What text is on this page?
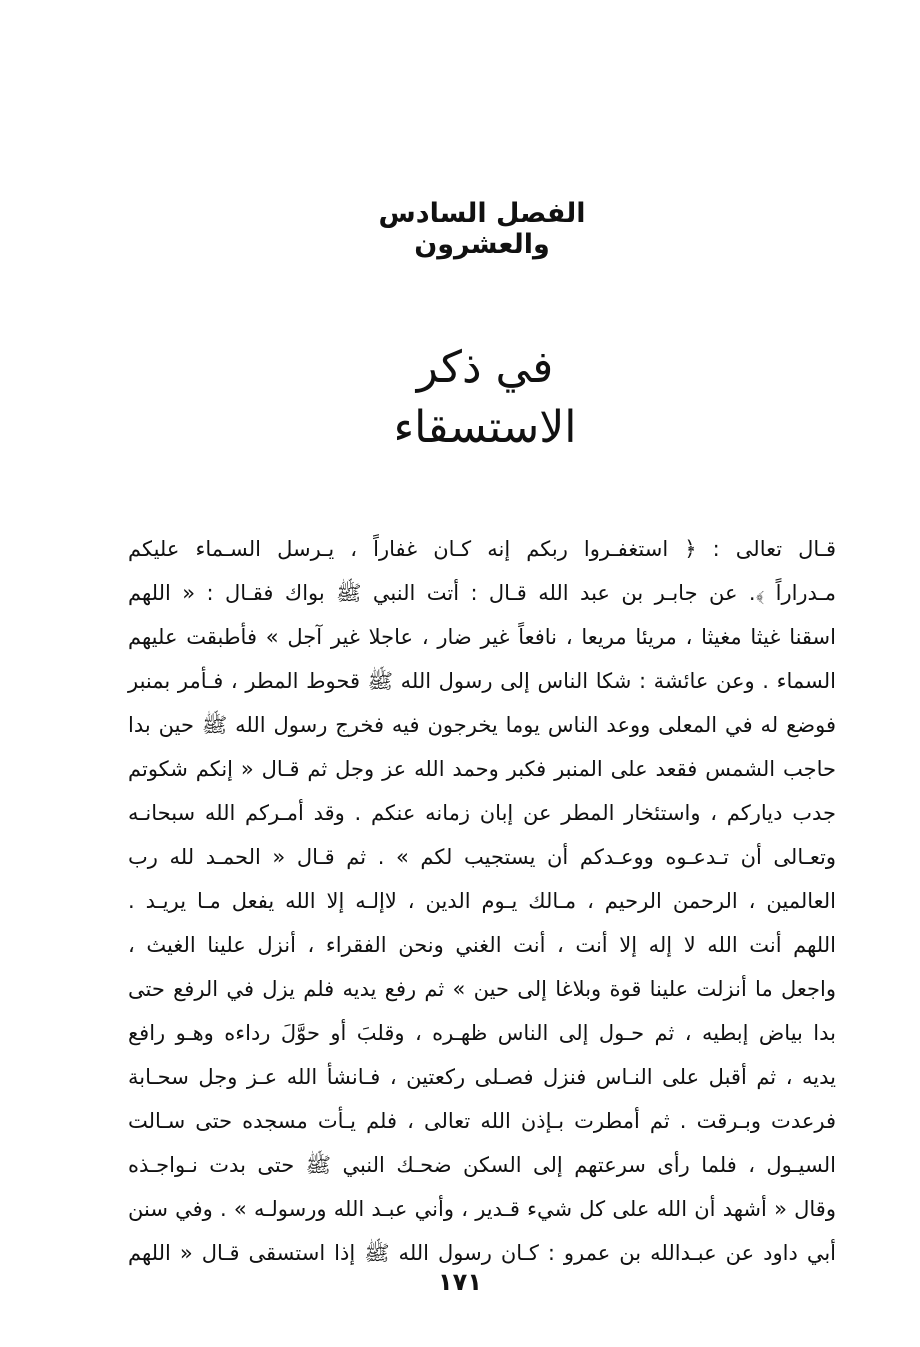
الفصل السادس والعشرون
في ذكر الاستسقاء
قـال تعالى : ﴿ استغفـروا ربكم إنه كـان غفاراً ، يـرسل السـماء عليكم
مـدراراً ﴾. عن جابـر بن عبد الله قـال : أتت النبي ﷺ بواك فقـال : « اللهم
اسقنا غيثا مغيثا ، مريئا مريعا ، نافعاً غير ضار ، عاجلا غير آجل » فأطبقت عليهم
السماء . وعن عائشة : شكا الناس إلى رسول الله ﷺ قحوط المطر ، فـأمر بمنبر
فوضع له في المعلى ووعد الناس يوما يخرجون فيه فخرج رسول الله ﷺ حين بدا
حاجب الشمس فقعد على المنبر فكبر وحمد الله عز وجل ثم قـال « إنكم شكوتم
جدب دياركم ، واستئخار المطر عن إبان زمانه عنكم . وقد أمـركم الله سبحانـه
وتعـالى أن تـدعـوه ووعـدكم أن يستجيب لكم » . ثم قـال « الحمـد لله رب
العالمين ، الرحمن الرحيم ، مـالك يـوم الدين ، لاإلـه إلا الله يفعل مـا يريـد .
اللهم أنت الله لا إله إلا أنت ، أنت الغني ونحن الفقراء ، أنزل علينا الغيث ،
واجعل ما أنزلت علينا قوة وبلاغا إلى حين » ثم رفع يديه فلم يزل في الرفع حتى
بدا بياض إبطيه ، ثم حـول إلى الناس ظهـره ، وقلبَ أو حوَّلَ رداءه وهـو رافع
يديه ، ثم أقبل على النـاس فنزل فصـلى ركعتين ، فـانشأ الله عـز وجل سحـابة
فرعدت وبـرقت . ثم أمطرت بـإذن الله تعالى ، فلم يـأت مسجده حتى سـالت
السيـول ، فلما رأى سرعتهم إلى السكن ضحـك النبي ﷺ حتى بدت نـواجـذه
وقال « أشهد أن الله على كل شيء قـدير ، وأني عبـد الله ورسولـه » . وفي سنن
أبي داود عن عبـدالله بن عمرو : كـان رسول الله ﷺ إذا استسقى قـال « اللهم
١٧١
